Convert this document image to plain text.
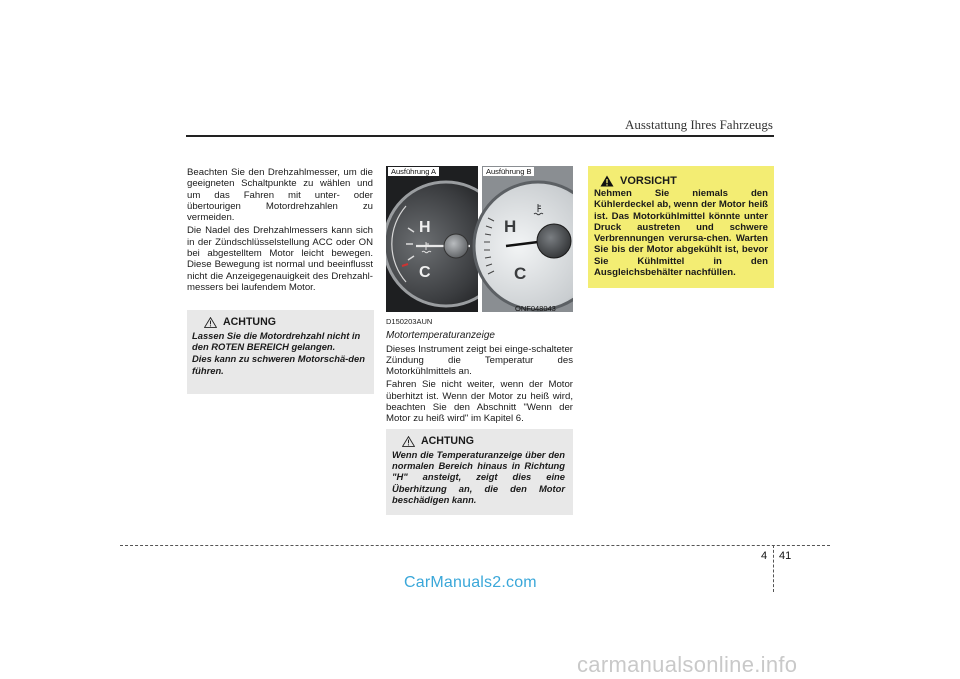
Ausstattung Ihres Fahrzeugs

Beachten Sie den Drehzahlmesser, um die geeigneten Schaltpunkte zu wählen und um das Fahren mit unter- oder übertourigen Motordrehzahlen zu vermeiden.

Die Nadel des Drehzahlmessers kann sich in der Zündschlüsselstellung ACC oder ON bei abgestelltem Motor leicht bewegen. Diese Bewegung ist normal und beeinflusst nicht die Anzeigegenauigkeit des Drehzahl-messers bei laufendem Motor.

ACHTUNG

Lassen Sie die Motordrehzahl nicht in den ROTEN BEREICH gelangen.

Dies kann zu schweren Motorschä-den führen.

H
C
H
C
Ausführung A	Ausführung B
ONF048043
D150203AUN
Motortemperaturanzeige

Dieses Instrument zeigt bei einge-schalteter Zündung die Temperatur des Motorkühlmittels an.

Fahren Sie nicht weiter, wenn der Motor überhitzt ist. Wenn der Motor zu heiß wird, beachten Sie den Abschnitt "Wenn der Motor zu heiß wird" im Kapitel 6.

ACHTUNG
Wenn die Temperaturanzeige über den normalen Bereich hinaus in Richtung "H" ansteigt, zeigt dies eine Überhitzung an, die den Motor beschädigen kann.
VORSICHT
Nehmen Sie niemals den Kühlerdeckel ab, wenn der Motor heiß ist. Das Motorkühlmittel könnte unter Druck austreten und schwere Verbrennungen verursa-chen. Warten Sie bis der Motor abgekühlt ist, bevor Sie Kühlmittel in den Ausgleichsbehälter nachfüllen.
4 41
CarManuals2.com
carmanualsonline.info
